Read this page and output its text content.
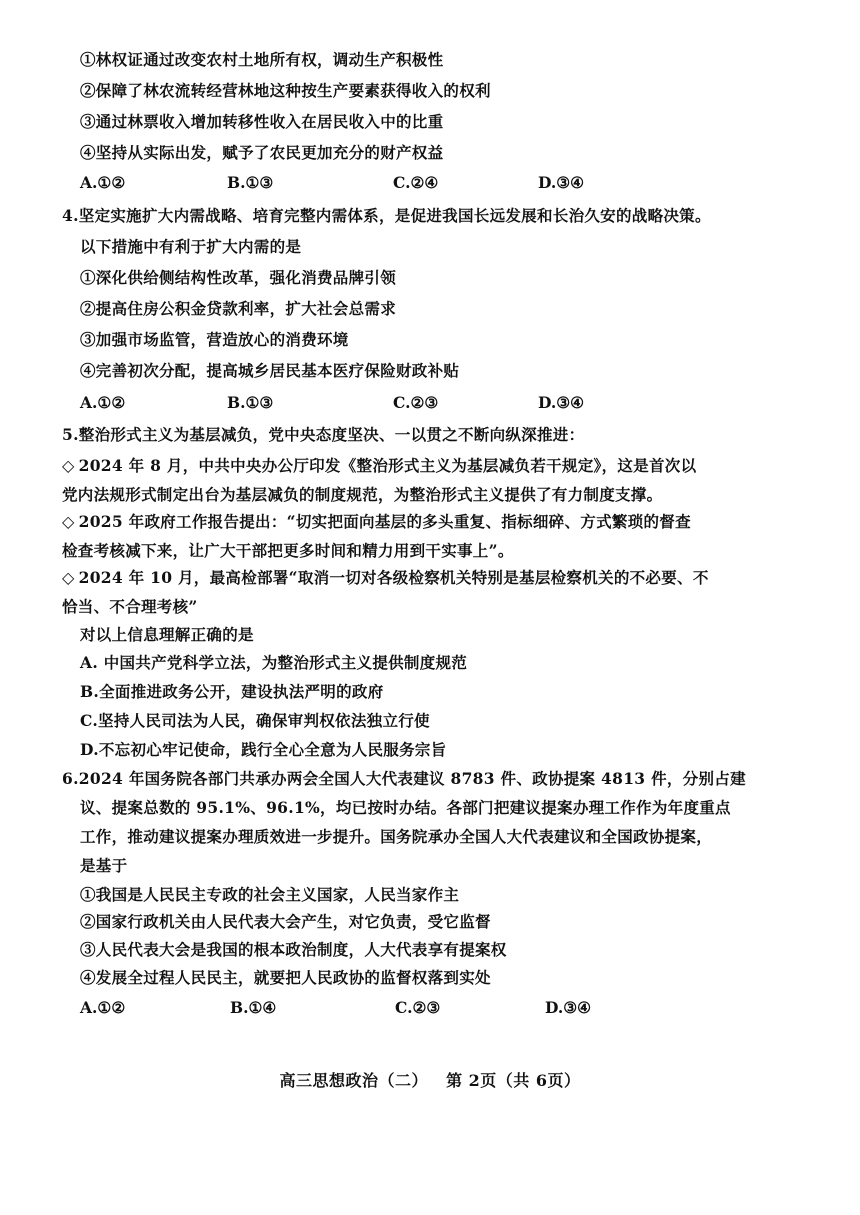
①林权证通过改变农村土地所有权，调动生产积极性
②保障了林农流转经营林地这种按生产要素获得收入的权利
③通过林票收入增加转移性收入在居民收入中的比重
④坚持从实际出发，赋予了农民更加充分的财产权益
A.①②	B.①③	C.②④	D.③④
4.坚定实施扩大内需战略、培育完整内需体系，是促进我国长远发展和长治久安的战略决策。
以下措施中有利于扩大内需的是
①深化供给侧结构性改革，强化消费品牌引领
②提高住房公积金贷款利率，扩大社会总需求
③加强市场监管，营造放心的消费环境
④完善初次分配，提高城乡居民基本医疗保险财政补贴
A.①②	B.①③	C.②③	D.③④
5.整治形式主义为基层减负，党中央态度坚决、一以贯之不断向纵深推进：
◇ 2024 年 8 月，中共中央办公厅印发《整治形式主义为基层减负若干规定》，这是首次以
党内法规形式制定出台为基层减负的制度规范，为整治形式主义提供了有力制度支撑。
◇ 2025 年政府工作报告提出：“切实把面向基层的多头重复、指标细碎、方式繁琐的督查
检查考核减下来，让广大干部把更多时间和精力用到干实事上”。
◇ 2024 年 10 月，最高检部署“取消一切对各级检察机关特别是基层检察机关的不必要、不
恰当、不合理考核”
对以上信息理解正确的是
A. 中国共产党科学立法，为整治形式主义提供制度规范
B.全面推进政务公开，建设执法严明的政府
C.坚持人民司法为人民，确保审判权依法独立行使
D.不忘初心牢记使命，践行全心全意为人民服务宗旨
6.2024 年国务院各部门共承办两会全国人大代表建议 8783 件、政协提案 4813 件，分别占建
议、提案总数的 95.1%、96.1%，均已按时办结。各部门把建议提案办理工作作为年度重点
工作，推动建议提案办理质效进一步提升。国务院承办全国人大代表建议和全国政协提案，
是基于
①我国是人民民主专政的社会主义国家，人民当家作主
②国家行政机关由人民代表大会产生，对它负责，受它监督
③人民代表大会是我国的根本政治制度，人大代表享有提案权
④发展全过程人民民主，就要把人民政协的监督权落到实处
A.①②	B.①④	C.②③	D.③④
高三思想政治（二） 第 2页（共 6页）
